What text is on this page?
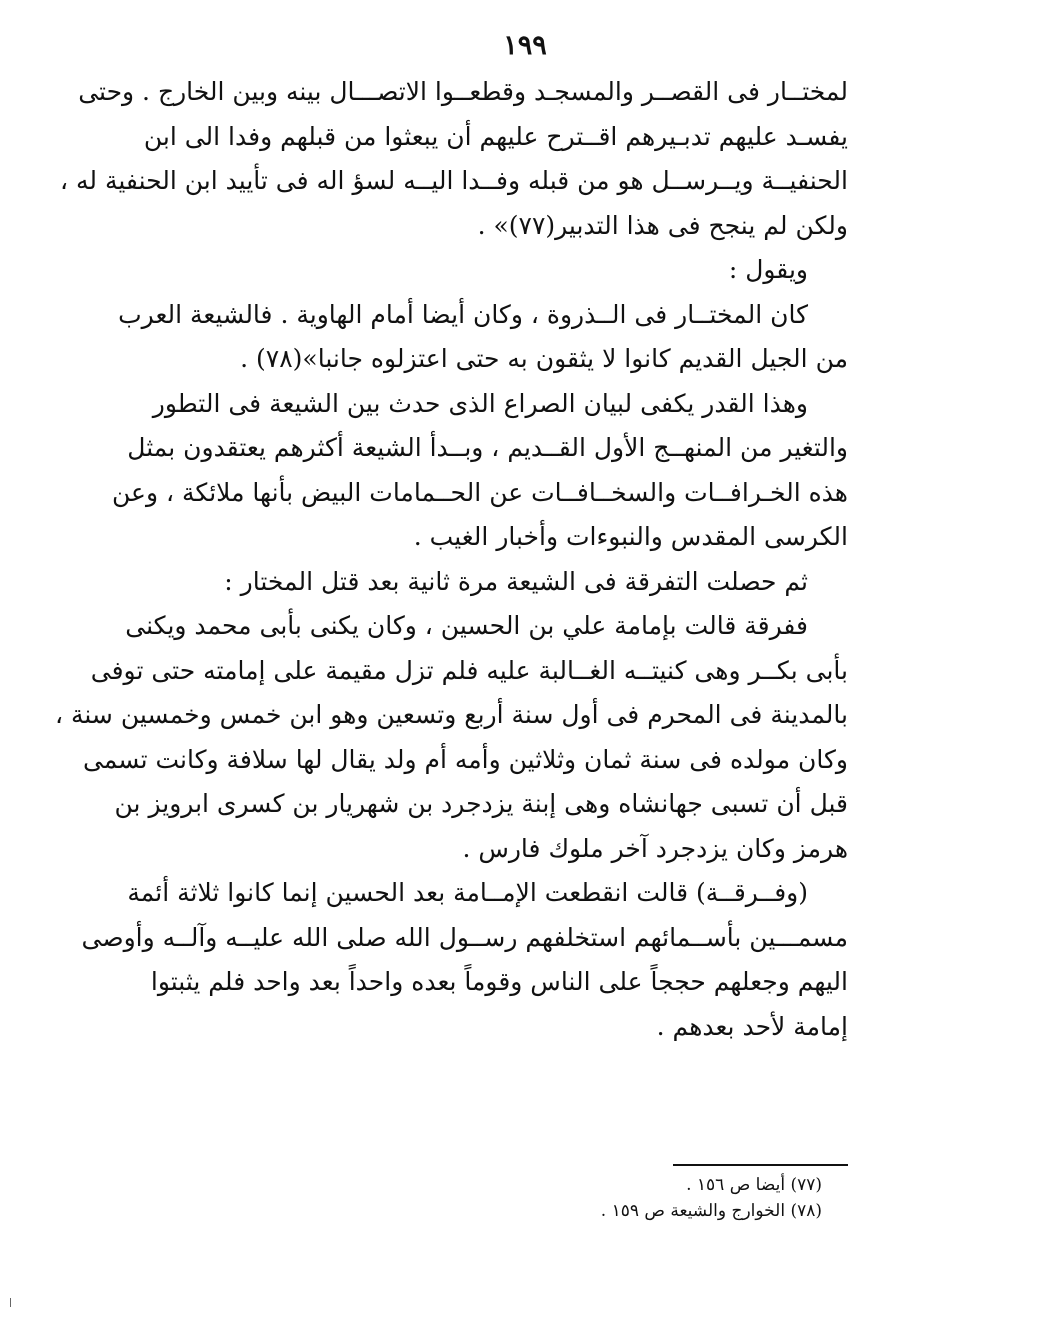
١٩٩
لمختــار فى القصــر والمسجـد وقطعــوا الاتصـــال بينه وبين الخارج . وحتى
يفسـد عليهم تدبـيرهم اقــترح عليهم أن يبعثوا من قبلهم وفدا الى ابن
الحنفيــة ويــرســل هو من قبله وفــدا اليــه لسؤ اله فى تأييد ابن الحنفية له ،
ولكن لم ينجح فى هذا التدبير(٧٧)» .
ويقول :
كان المختــار فى الــذروة ، وكان أيضا أمام الهاوية . فالشيعة العرب
من الجيل القديم كانوا لا يثقون به حتى اعتزلوه جانبا»(٧٨) .
وهذا القدر يكفى لبيان الصراع الذى حدث بين الشيعة فى التطور
والتغير من المنهــج الأول القــديم ، وبــدأ الشيعة أكثرهم يعتقدون بمثل
هذه الخـرافــات والسخــافــات عن الحــمامات البيض بأنها ملائكة ، وعن
الكرسى المقدس والنبوءات وأخبار الغيب .
ثم حصلت التفرقة فى الشيعة مرة ثانية بعد قتل المختار :
ففرقة قالت بإمامة علي بن الحسين ، وكان يكنى بأبى محمد ويكنى
بأبى بكــر وهى كنيتــه الغــالبة عليه فلم تزل مقيمة على إمامته حتى توفى
بالمدينة فى المحرم فى أول سنة أربع وتسعين وهو ابن خمس وخمسين سنة ،
وكان مولده فى سنة ثمان وثلاثين وأمه أم ولد يقال لها سلافة وكانت تسمى
قبل أن تسبى جهانشاه وهى إبنة يزدجرد بن شهريار بن كسرى ابرويز بن
هرمز وكان يزدجرد آخر ملوك فارس .
(وفــرقــة) قالت انقطعت الإمــامة بعد الحسين إنما كانوا ثلاثة أئمة
مسمـــين بأســمائهم استخلفهم رســول الله صلى الله عليــه وآلــه وأوصى
اليهم وجعلهم حججاً على الناس وقوماً بعده واحداً بعد واحد فلم يثبتوا
إمامة لأحد بعدهم .
(٧٧) أيضا ص ١٥٦ .
(٧٨) الخوارج والشيعة ص ١٥٩ .
